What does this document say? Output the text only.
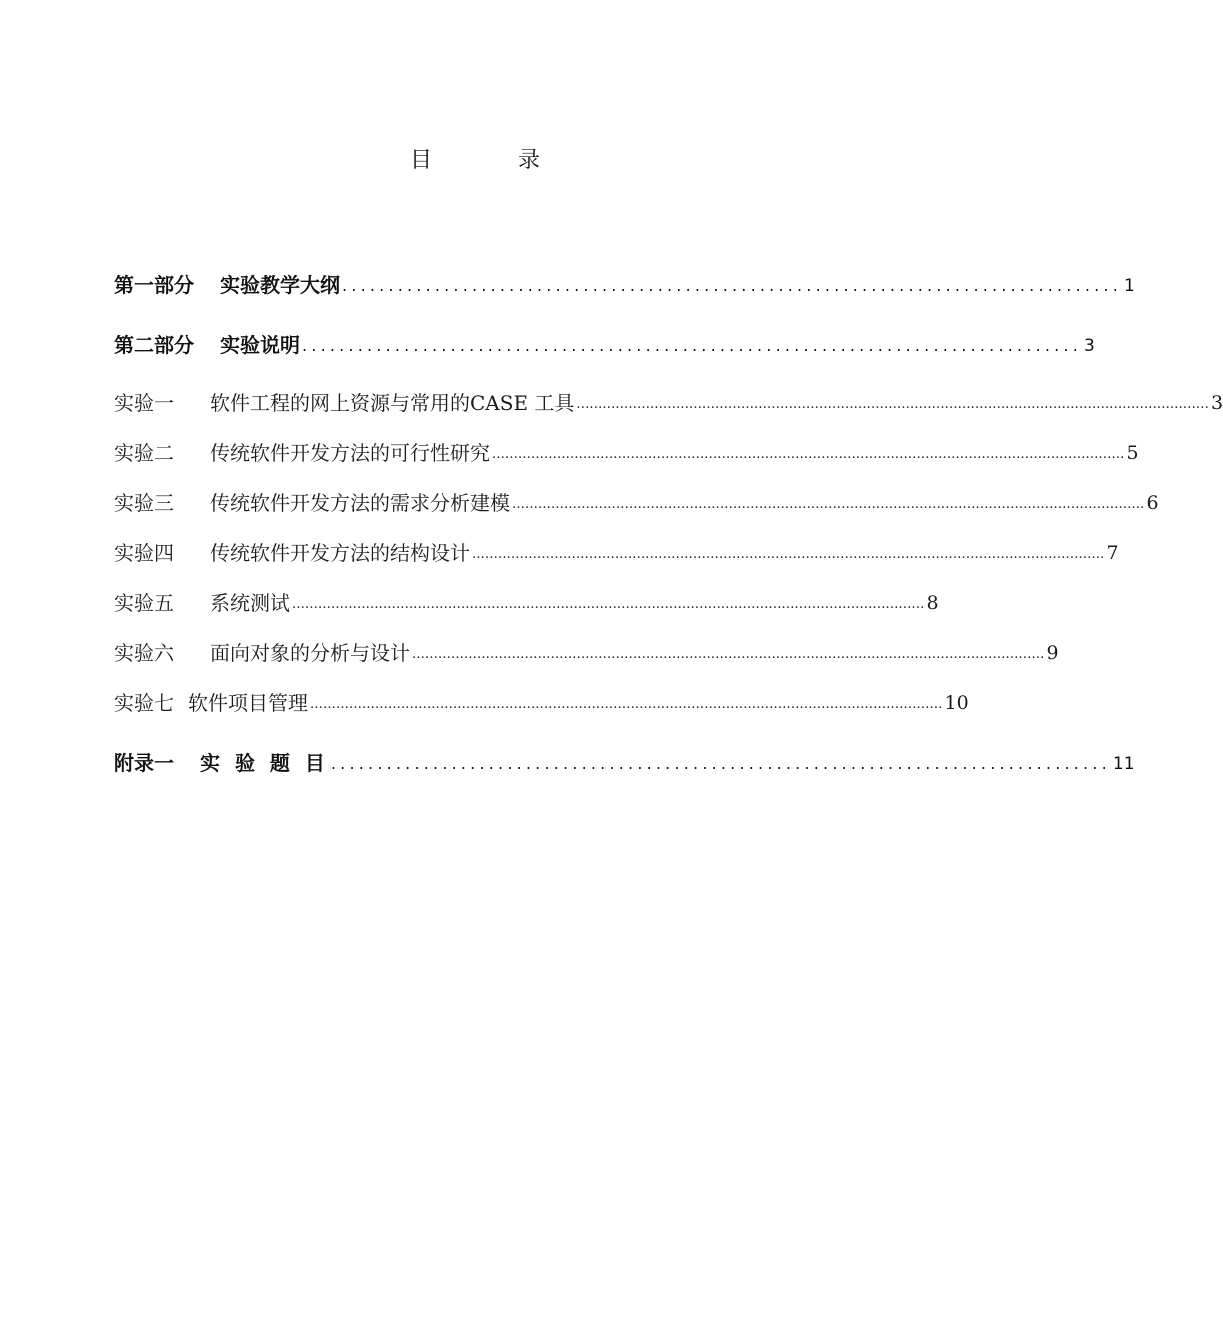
目	录
第一部分 实验教学大纲 .................................................................................... 1
第二部分 实验说明 .................................................................................... 3
实验一 软件工程的网上资源与常用的CASE 工具 .................................................................................................................................................. 3
实验二 传统软件开发方法的可行性研究 .................................................................................................................................................. 5
实验三 传统软件开发方法的需求分析建模 .................................................................................................................................................. 6
实验四 传统软件开发方法的结构设计 .................................................................................................................................................. 7
实验五 系统测试 .................................................................................................................................................. 8
实验六 面向对象的分析与设计 .................................................................................................................................................. 9
实验七 软件项目管理 .................................................................................................................................................. 10
附录一 实 验 题 目 .................................................................................... 11
